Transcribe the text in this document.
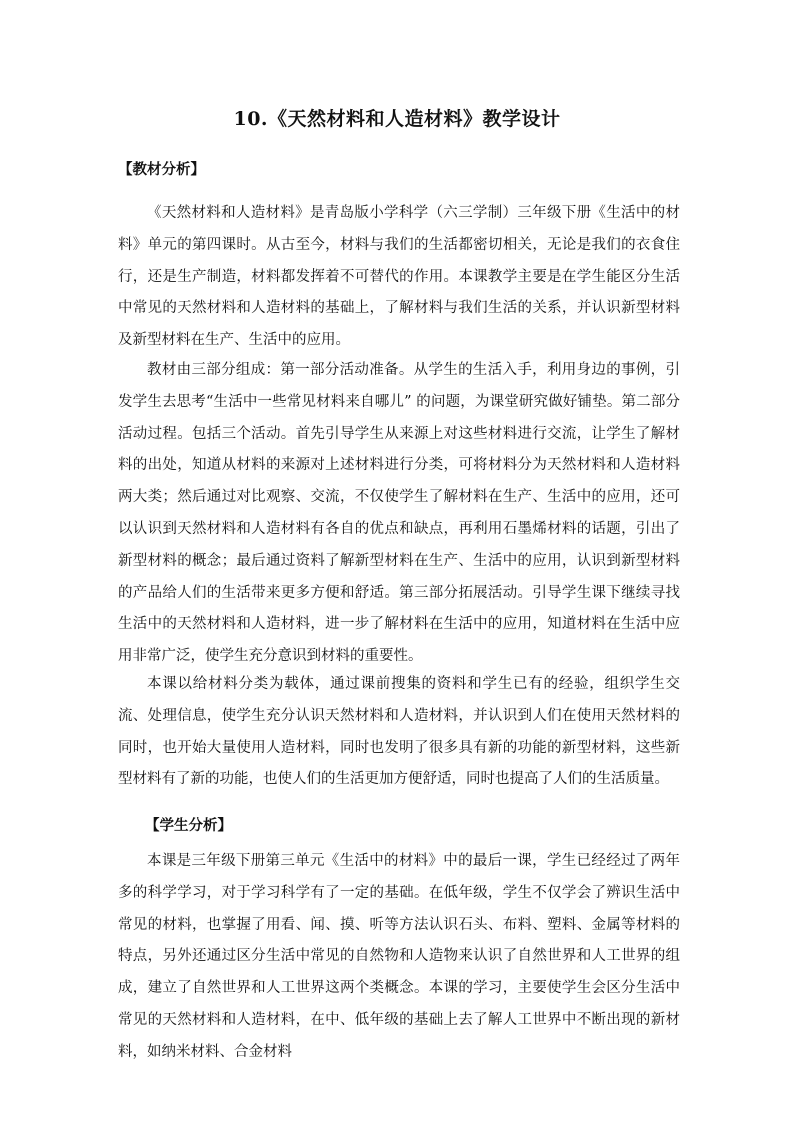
10.《天然材料和人造材料》教学设计
【教材分析】

《天然材料和人造材料》是青岛版小学科学（六三学制）三年级下册《生活中的材料》单元的第四课时。从古至今，材料与我们的生活都密切相关，无论是我们的衣食住行，还是生产制造，材料都发挥着不可替代的作用。本课教学主要是在学生能区分生活中常见的天然材料和人造材料的基础上，了解材料与我们生活的关系，并认识新型材料及新型材料在生产、生活中的应用。

教材由三部分组成：第一部分活动准备。从学生的生活入手，利用身边的事例，引发学生去思考“生活中一些常见材料来自哪儿” 的问题，为课堂研究做好铺垫。第二部分活动过程。包括三个活动。首先引导学生从来源上对这些材料进行交流，让学生了解材料的出处，知道从材料的来源对上述材料进行分类，可将材料分为天然材料和人造材料两大类；然后通过对比观察、交流，不仅使学生了解材料在生产、生活中的应用，还可以认识到天然材料和人造材料有各自的优点和缺点，再利用石墨烯材料的话题，引出了新型材料的概念；最后通过资料了解新型材料在生产、生活中的应用，认识到新型材料的产品给人们的生活带来更多方便和舒适。第三部分拓展活动。引导学生课下继续寻找生活中的天然材料和人造材料，进一步了解材料在生活中的应用，知道材料在生活中应用非常广泛，使学生充分意识到材料的重要性。

本课以给材料分类为载体，通过课前搜集的资料和学生已有的经验，组织学生交流、处理信息，使学生充分认识天然材料和人造材料，并认识到人们在使用天然材料的同时，也开始大量使用人造材料，同时也发明了很多具有新的功能的新型材料，这些新型材料有了新的功能，也使人们的生活更加方便舒适，同时也提高了人们的生活质量。

【学生分析】

本课是三年级下册第三单元《生活中的材料》中的最后一课，学生已经经过了两年多的科学学习，对于学习科学有了一定的基础。在低年级，学生不仅学会了辨识生活中常见的材料，也掌握了用看、闻、摸、听等方法认识石头、布料、塑料、金属等材料的特点，另外还通过区分生活中常见的自然物和人造物来认识了自然世界和人工世界的组成，建立了自然世界和人工世界这两个类概念。本课的学习，主要使学生会区分生活中常见的天然材料和人造材料，在中、低年级的基础上去了解人工世界中不断出现的新材料，如纳米材料、合金材料
